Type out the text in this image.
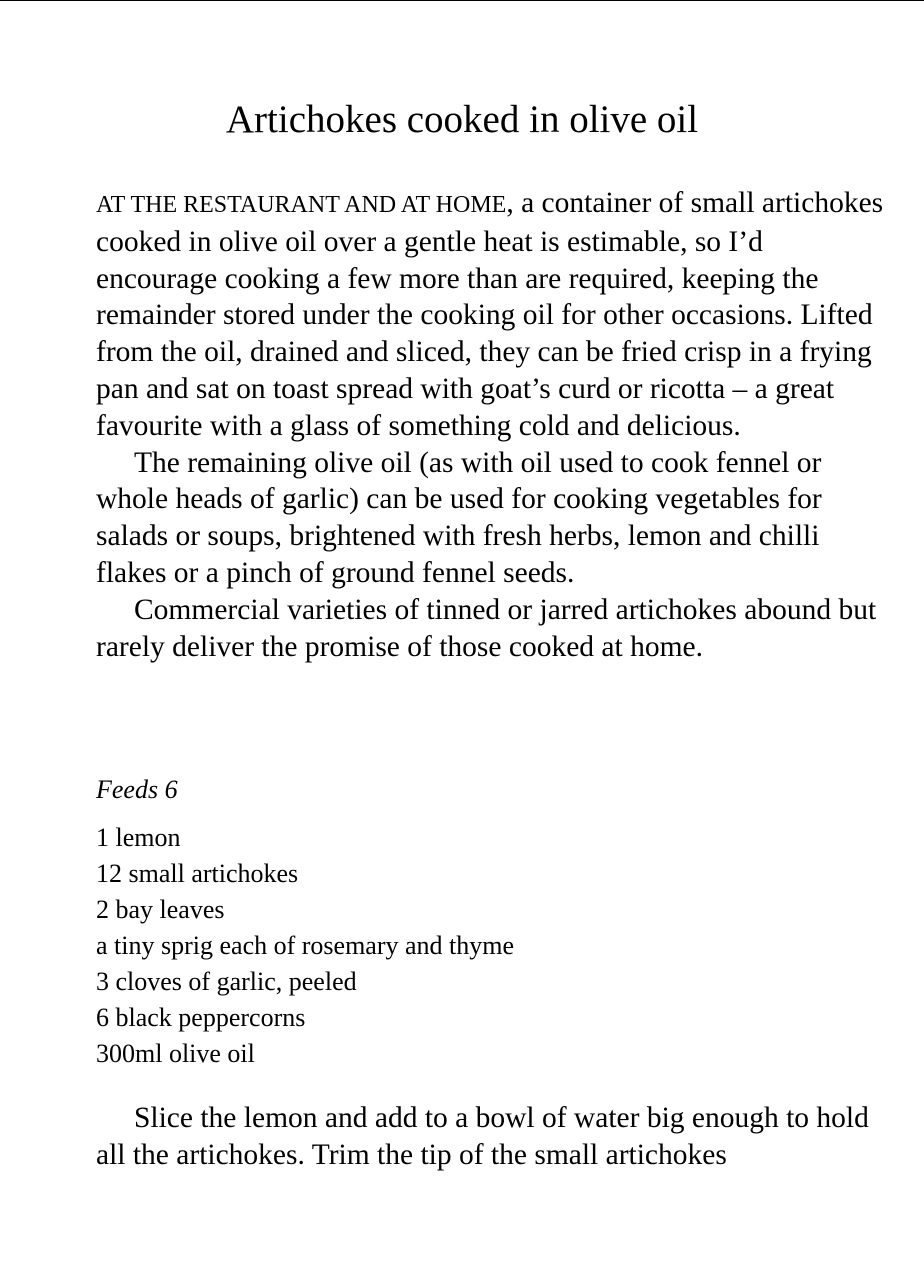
Artichokes cooked in olive oil

AT THE RESTAURANT AND AT HOME, a container of small artichokes cooked in olive oil over a gentle heat is estimable, so I’d encourage cooking a few more than are required, keeping the remainder stored under the cooking oil for other occasions. Lifted from the oil, drained and sliced, they can be fried crisp in a frying pan and sat on toast spread with goat’s curd or ricotta – a great favourite with a glass of something cold and delicious.

The remaining olive oil (as with oil used to cook fennel or whole heads of garlic) can be used for cooking vegetables for salads or soups, brightened with fresh herbs, lemon and chilli flakes or a pinch of ground fennel seeds.

Commercial varieties of tinned or jarred artichokes abound but rarely deliver the promise of those cooked at home.

Feeds 6

1 lemon
12 small artichokes
2 bay leaves
a tiny sprig each of rosemary and thyme
3 cloves of garlic, peeled
6 black peppercorns
300ml olive oil

Slice the lemon and add to a bowl of water big enough to hold all the artichokes. Trim the tip of the small artichokes
